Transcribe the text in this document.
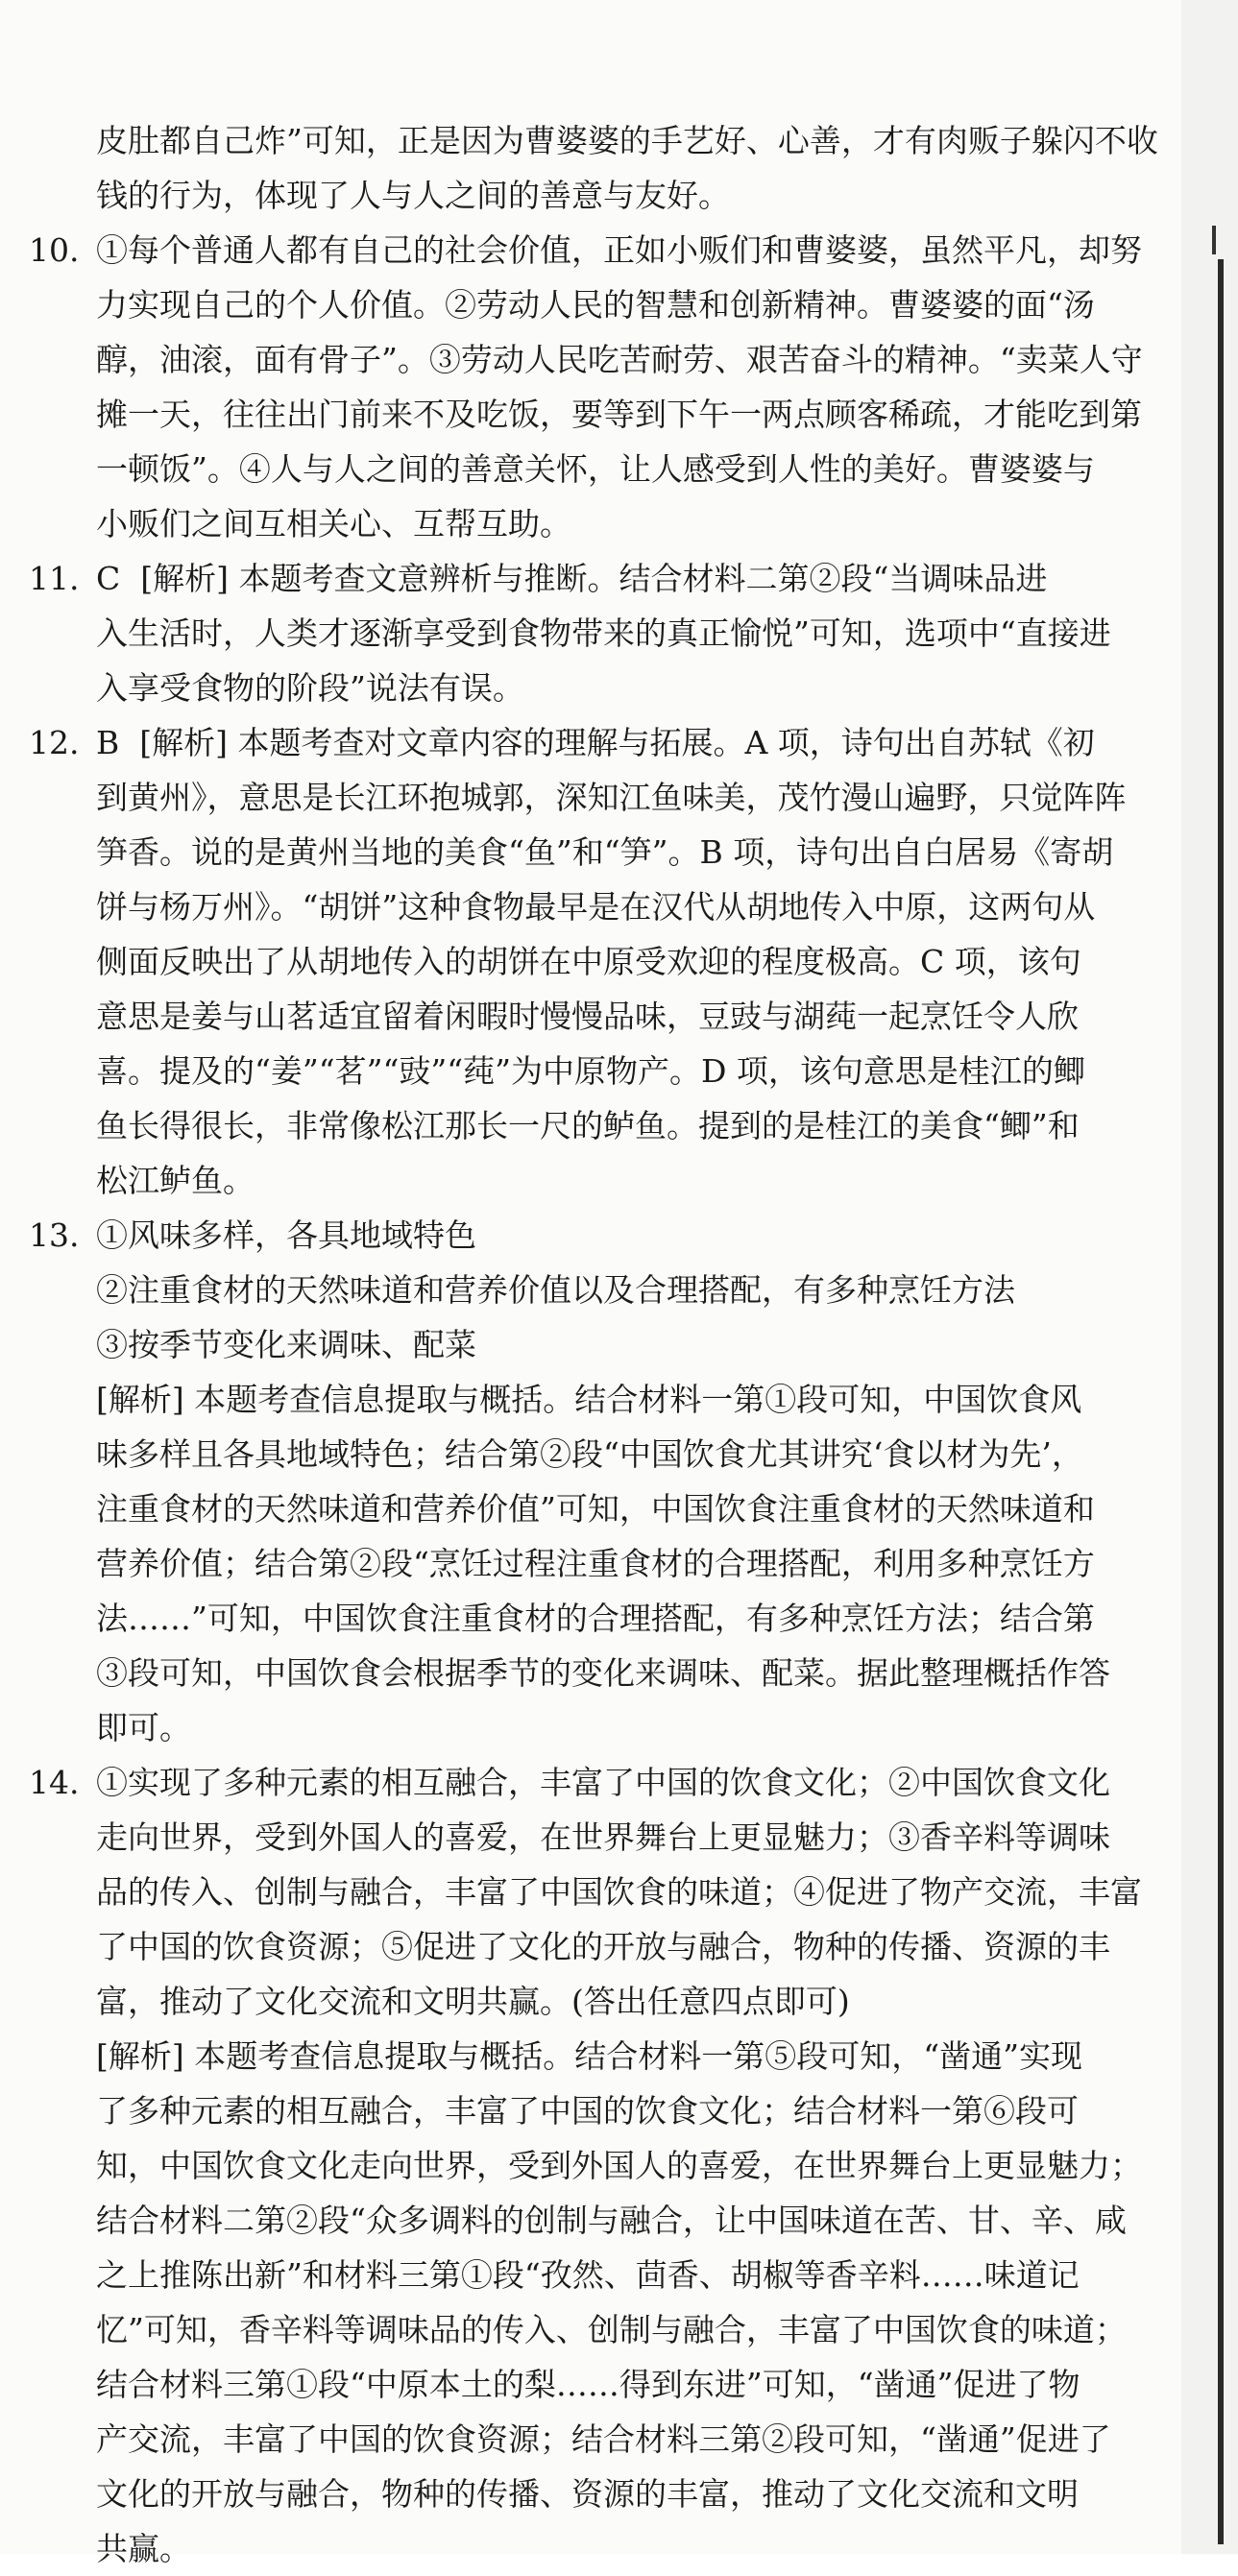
皮肚都自己炸”可知，正是因为曹婆婆的手艺好、心善，才有肉贩子躲闪不收
钱的行为，体现了人与人之间的善意与友好。
10. ①每个普通人都有自己的社会价值，正如小贩们和曹婆婆，虽然平凡，却努
力实现自己的个人价值。②劳动人民的智慧和创新精神。曹婆婆的面“汤
醇，油滚，面有骨子”。③劳动人民吃苦耐劳、艰苦奋斗的精神。“卖菜人守
摊一天，往往出门前来不及吃饭，要等到下午一两点顾客稀疏，才能吃到第
一顿饭”。④人与人之间的善意关怀，让人感受到人性的美好。曹婆婆与
小贩们之间互相关心、互帮互助。
11. C  [解析] 本题考查文意辨析与推断。结合材料二第②段“当调味品进
入生活时，人类才逐渐享受到食物带来的真正愉悦”可知，选项中“直接进
入享受食物的阶段”说法有误。
12. B  [解析] 本题考查对文章内容的理解与拓展。A 项，诗句出自苏轼《初
到黄州》，意思是长江环抱城郭，深知江鱼味美，茂竹漫山遍野，只觉阵阵
笋香。说的是黄州当地的美食“鱼”和“笋”。B 项，诗句出自白居易《寄胡
饼与杨万州》。“胡饼”这种食物最早是在汉代从胡地传入中原，这两句从
侧面反映出了从胡地传入的胡饼在中原受欢迎的程度极高。C 项，该句
意思是姜与山茗适宜留着闲暇时慢慢品味，豆豉与湖莼一起烹饪令人欣
喜。提及的“姜”“茗”“豉”“莼”为中原物产。D 项，该句意思是桂江的鲫
鱼长得很长，非常像松江那长一尺的鲈鱼。提到的是桂江的美食“鲫”和
松江鲈鱼。
13. ①风味多样，各具地域特色
②注重食材的天然味道和营养价值以及合理搭配，有多种烹饪方法
③按季节变化来调味、配菜
[解析] 本题考查信息提取与概括。结合材料一第①段可知，中国饮食风
味多样且各具地域特色；结合第②段“中国饮食尤其讲究‘食以材为先’，
注重食材的天然味道和营养价值”可知，中国饮食注重食材的天然味道和
营养价值；结合第②段“烹饪过程注重食材的合理搭配，利用多种烹饪方
法……”可知，中国饮食注重食材的合理搭配，有多种烹饪方法；结合第
③段可知，中国饮食会根据季节的变化来调味、配菜。据此整理概括作答
即可。
14. ①实现了多种元素的相互融合，丰富了中国的饮食文化；②中国饮食文化
走向世界，受到外国人的喜爱，在世界舞台上更显魅力；③香辛料等调味
品的传入、创制与融合，丰富了中国饮食的味道；④促进了物产交流，丰富
了中国的饮食资源；⑤促进了文化的开放与融合，物种的传播、资源的丰
富，推动了文化交流和文明共赢。(答出任意四点即可)
[解析] 本题考查信息提取与概括。结合材料一第⑤段可知，“凿通”实现
了多种元素的相互融合，丰富了中国的饮食文化；结合材料一第⑥段可
知，中国饮食文化走向世界，受到外国人的喜爱，在世界舞台上更显魅力；
结合材料二第②段“众多调料的创制与融合，让中国味道在苦、甘、辛、咸
之上推陈出新”和材料三第①段“孜然、茴香、胡椒等香辛料……味道记
忆”可知，香辛料等调味品的传入、创制与融合，丰富了中国饮食的味道；
结合材料三第①段“中原本土的梨……得到东进”可知，“凿通”促进了物
产交流，丰富了中国的饮食资源；结合材料三第②段可知，“凿通”促进了
文化的开放与融合，物种的传播、资源的丰富，推动了文化交流和文明
共赢。
